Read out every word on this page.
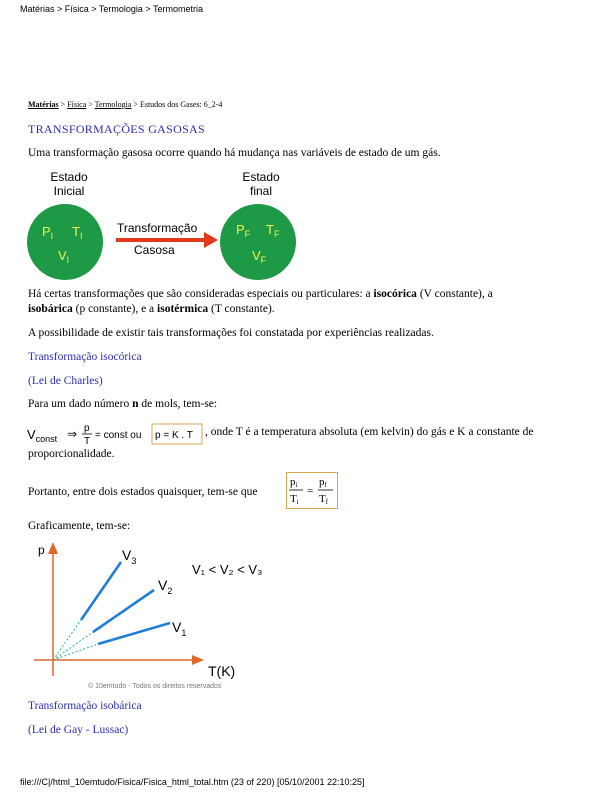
Matérias > Física > Termologia > Termometria
Matérias > Física > Termologia > Estudos dos Gases: 6_2-4
TRANSFORMAÇÕES GASOSAS
Uma transformação gasosa ocorre quando há mudança nas variáveis de estado de um gás.
Estado
Inicial
$P_I$ $T_I$
$V_I$
Transformação
Casosa
Estado
final
$P_F$ $T_F$
$V_F$
Há certas transformações que são consideradas especiais ou particulares: a isocórica (V constante), a
isobárica (p constante), e a isotérmica (T constante).
A possibilidade de existir tais transformações foi constatada por experiências realizadas.
Transformação isocórica
(Lei de Charles)
Para um dado número n de mols, tem-se:
$V_{const}$ ⇒ p
T
= const ou p = K . T , onde T é a temperatura absoluta (em kelvin) do gás e K a constante de
proporcionalidade.
Portanto, entre dois estados quaisquer, tem-se que
pi
Ti
=
pf
Tf
Graficamente, tem-se:
p
T(K)
$V_3$
$V_2$
$V_1$
V₁ < V₂ < V₃
© 10emtudo - Todos os direitos reservados
Transformação isobárica
(Lei de Gay - Lussac)
file:///C|/html_10emtudo/Fisica/Fisica_html_total.htm (23 of 220) [05/10/2001 22:10:25]
